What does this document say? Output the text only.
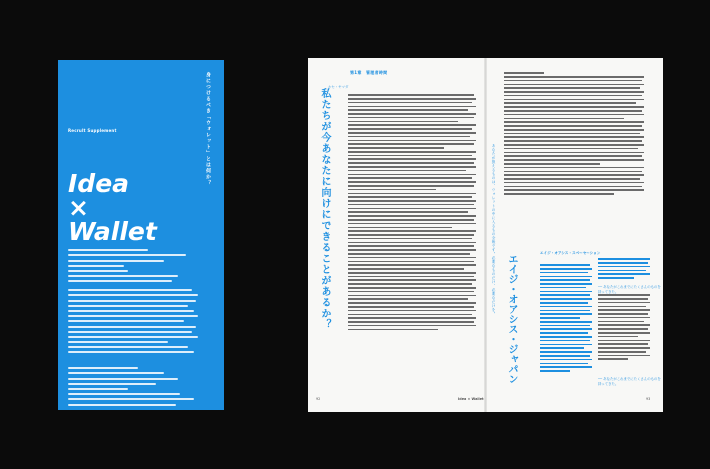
身につけるべき「ウォレット」とは何か？
RecruIt Supplement
Idea
×
Wallet
第1章　管理者時間
ホセ・ヤマダ
私たちが今あなたに向けにできることがあるか？	あなたが扱えるものは、ウォレットの中に入るもの全般です。必要なものだけ、必要なだけを。	エイジ・オアシス・スペーセーション
エイジ・オアシス・ジャパン	── あなたがこれまでにたくさんのものを持ってきた。
── あなたがこれまでにたくさんのものを持ってきた。
92	Idea × Wallet	93
